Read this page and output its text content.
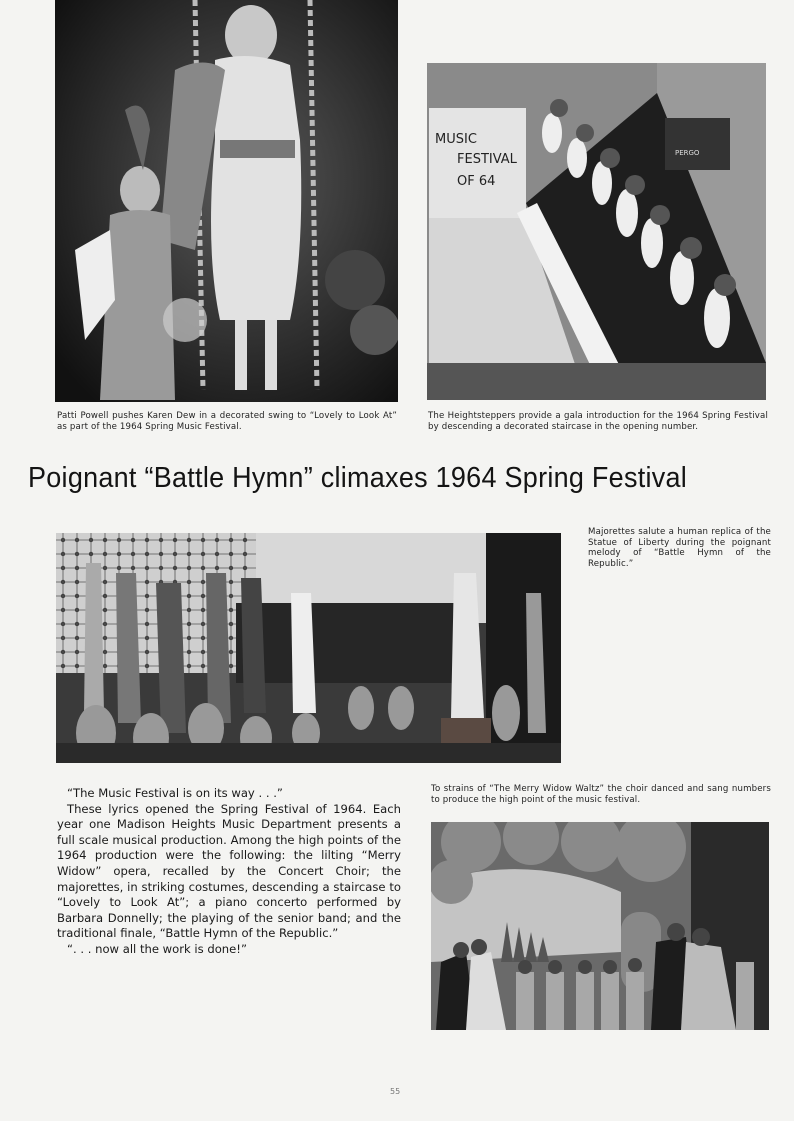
Patti Powell pushes Karen Dew in a decorated swing to “Lovely to Look At” as part of the 1964 Spring Music Festival.
MUSIC
FESTIVAL
OF 64
PERGO
The Heightsteppers provide a gala introduction for the 1964 Spring Festival by descending a decorated staircase in the opening number.
Poignant “Battle Hymn” climaxes 1964 Spring Festival
Majorettes salute a human replica of the Statue of Liberty during the poignant melody of “Battle Hymn of the Republic.”

“The Music Festival is on its way . . .”

These lyrics opened the Spring Festival of 1964. Each year one Madison Heights Music Department presents a full scale musical production. Among the high points of the 1964 production were the following: the lilting “Merry Widow” opera, recalled by the Concert Choir; the majorettes, in striking costumes, descending a staircase to “Lovely to Look At”; a piano concerto performed by Barbara Donnelly; the playing of the senior band; and the traditional finale, “Battle Hymn of the Republic.”

“. . . now all the work is done!”

To strains of “The Merry Widow Waltz” the choir danced and sang numbers to produce the high point of the music festival.
55
